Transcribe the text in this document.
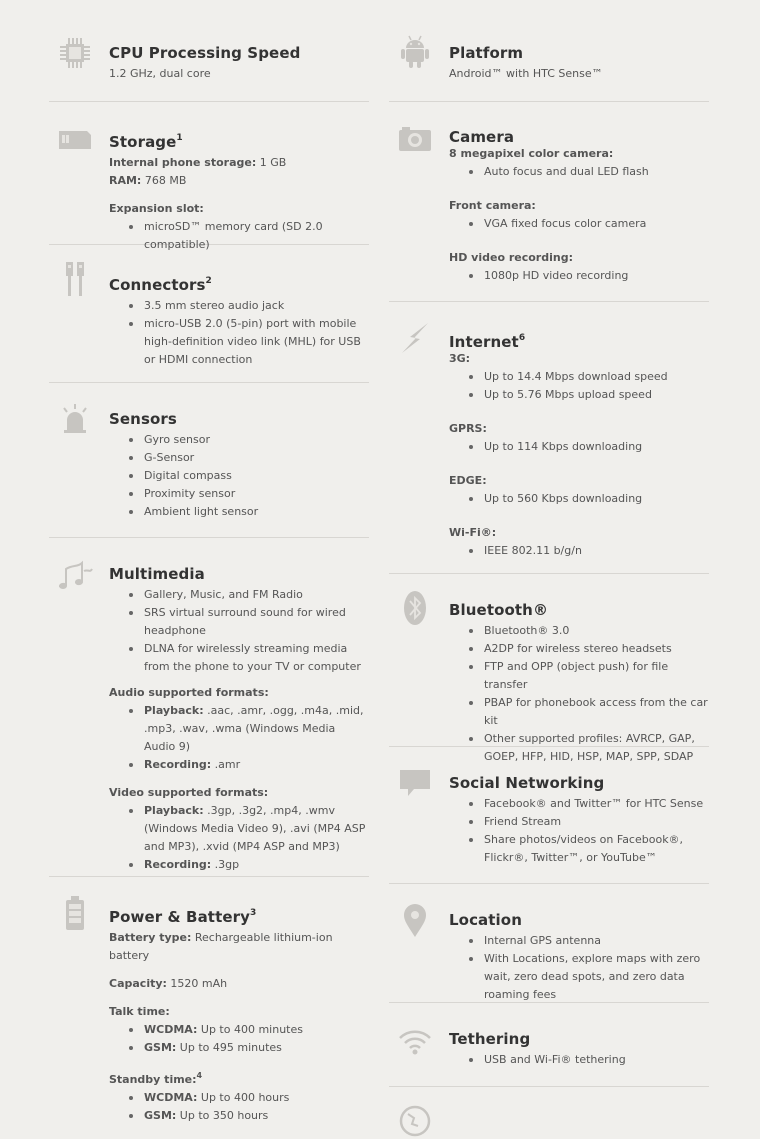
CPU Processing Speed
1.2 GHz, dual core
Storage$^1$
Internal phone storage: 1 GB
RAM: 768 MB
Expansion slot:
microSD™ memory card (SD 2.0 compatible)
Connectors$^2$
3.5 mm stereo audio jack
micro-USB 2.0 (5-pin) port with mobile high-definition video link (MHL) for USB or HDMI connection
Sensors
Gyro sensor
G-Sensor
Digital compass
Proximity sensor
Ambient light sensor
Multimedia
Gallery, Music, and FM Radio
SRS virtual surround sound for wired headphone
DLNA for wirelessly streaming media from the phone to your TV or computer
Audio supported formats:
Playback: .aac, .amr, .ogg, .m4a, .mid, .mp3, .wav, .wma (Windows Media Audio 9)
Recording: .amr
Video supported formats:
Playback: .3gp, .3g2, .mp4, .wmv (Windows Media Video 9), .avi (MP4 ASP and MP3), .xvid (MP4 ASP and MP3)
Recording: .3gp
Power & Battery$^3$
Battery type: Rechargeable lithium-ion battery
Capacity: 1520 mAh
Talk time:
WCDMA: Up to 400 minutes
GSM: Up to 495 minutes
Standby time:$^4$
WCDMA: Up to 400 hours
GSM: Up to 350 hours
Platform
Android™ with HTC Sense™
Camera
8 megapixel color camera:
Auto focus and dual LED flash
Front camera:
VGA fixed focus color camera
HD video recording:
1080p HD video recording
Internet$^6$
3G:
Up to 14.4 Mbps download speed
Up to 5.76 Mbps upload speed
GPRS:
Up to 114 Kbps downloading
EDGE:
Up to 560 Kbps downloading
Wi-Fi®:
IEEE 802.11 b/g/n
Bluetooth®
Bluetooth® 3.0
A2DP for wireless stereo headsets
FTP and OPP (object push) for file transfer
PBAP for phonebook access from the car kit
Other supported profiles: AVRCP, GAP, GOEP, HFP, HID, HSP, MAP, SPP, SDAP
Social Networking
Facebook® and Twitter™ for HTC Sense
Friend Stream
Share photos/videos on Facebook®, Flickr®, Twitter™, or YouTube™
Location
Internal GPS antenna
With Locations, explore maps with zero wait, zero dead spots, and zero data roaming fees
Tethering
USB and Wi-Fi® tethering
